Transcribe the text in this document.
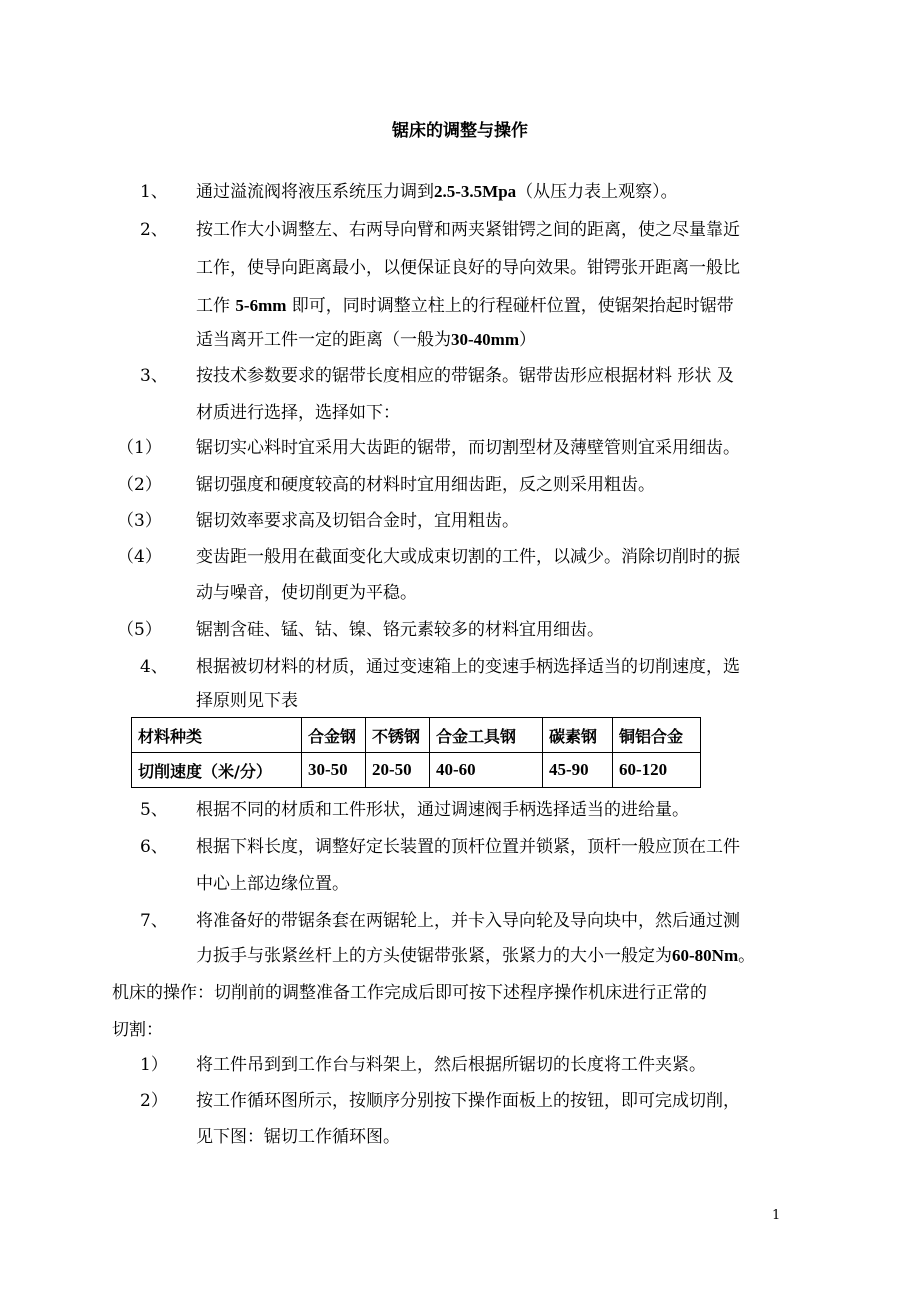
锯床的调整与操作
1、 通过溢流阀将液压系统压力调到2.5-3.5Mpa（从压力表上观察）。
2、 按工作大小调整左、右两导向臂和两夹紧钳锷之间的距离，使之尽量靠近
工作，使导向距离最小，以便保证良好的导向效果。钳锷张开距离一般比
工作 5-6mm 即可，同时调整立柱上的行程碰杆位置，使锯架抬起时锯带
适当离开工件一定的距离（一般为30-40mm）
3、 按技术参数要求的锯带长度相应的带锯条。锯带齿形应根据材料 形状 及
材质进行选择，选择如下：
（1） 锯切实心料时宜采用大齿距的锯带，而切割型材及薄壁管则宜采用细齿。
（2） 锯切强度和硬度较高的材料时宜用细齿距，反之则采用粗齿。
（3） 锯切效率要求高及切铝合金时，宜用粗齿。
（4） 变齿距一般用在截面变化大或成束切割的工件，以减少。消除切削时的振
动与噪音，使切削更为平稳。
（5） 锯割含硅、锰、钴、镍、铬元素较多的材料宜用细齿。
4、 根据被切材料的材质，通过变速箱上的变速手柄选择适当的切削速度，选
择原则见下表
材料种类	合金钢	不锈钢	合金工具钢	碳素钢	铜铝合金
切削速度（米/分）	30-50	20-50	40-60	45-90	60-120
5、 根据不同的材质和工件形状，通过调速阀手柄选择适当的进给量。
6、 根据下料长度，调整好定长装置的顶杆位置并锁紧，顶杆一般应顶在工件
中心上部边缘位置。
7、 将准备好的带锯条套在两锯轮上，并卡入导向轮及导向块中，然后通过测
力扳手与张紧丝杆上的方头使锯带张紧，张紧力的大小一般定为60-80Nm。
机床的操作：切削前的调整准备工作完成后即可按下述程序操作机床进行正常的
切割：
1） 将工件吊到到工作台与料架上，然后根据所锯切的长度将工件夹紧。
2） 按工作循环图所示，按顺序分别按下操作面板上的按钮，即可完成切削，
见下图：锯切工作循环图。
1
